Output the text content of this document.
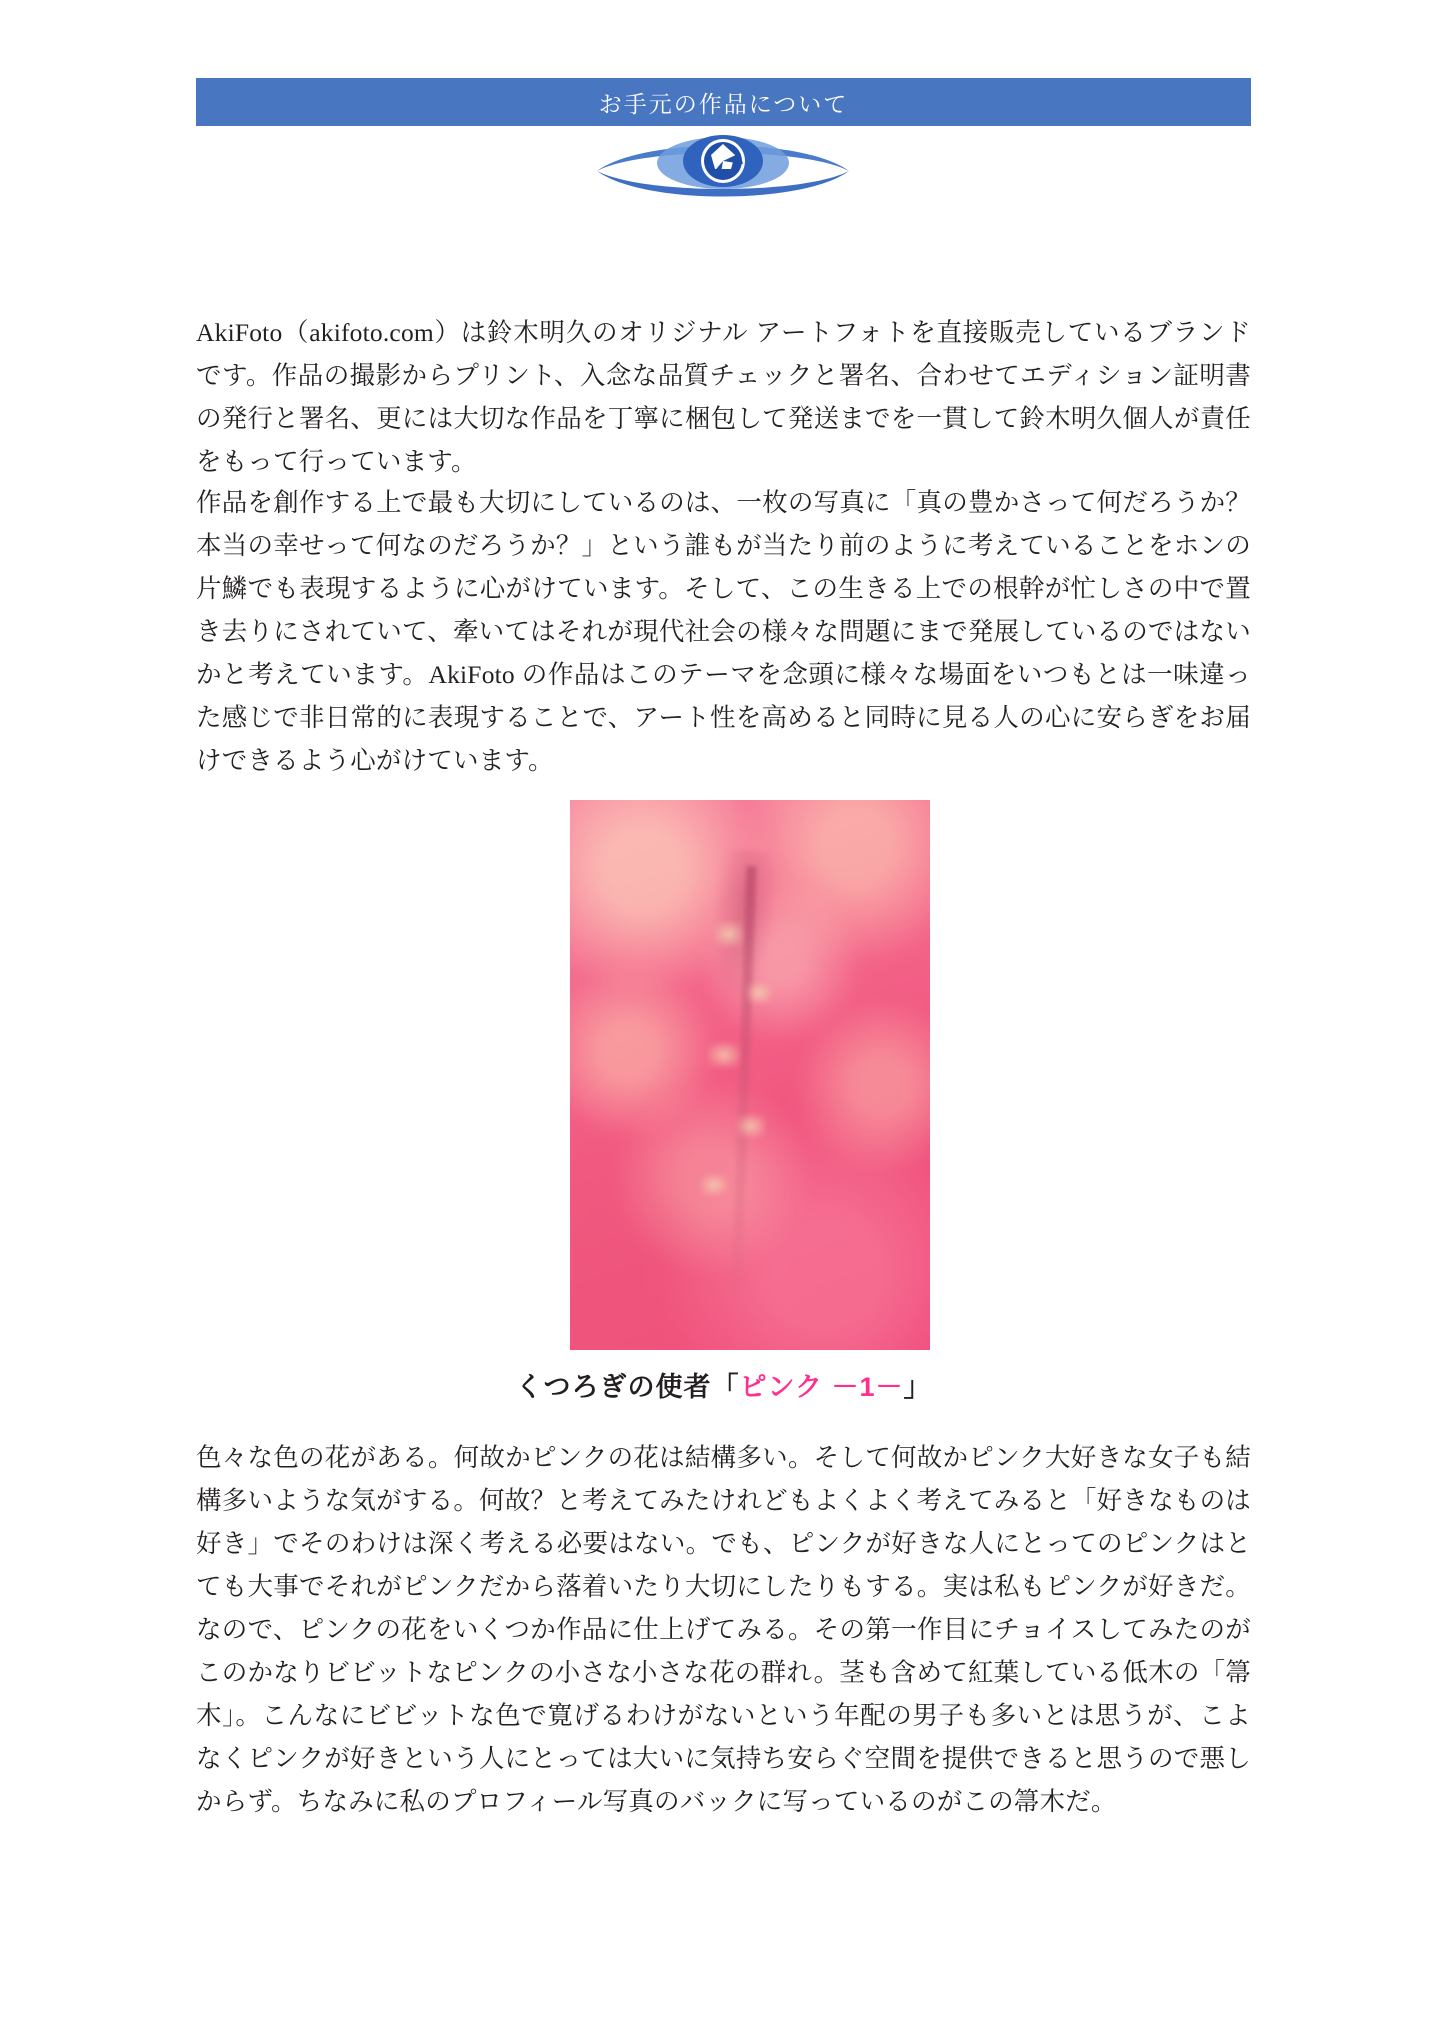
お手元の作品について

AkiFoto（akifoto.com）は鈴木明久のオリジナル アートフォトを直接販売しているブランドです。作品の撮影からプリント、入念な品質チェックと署名、合わせてエディション証明書の発行と署名、更には大切な作品を丁寧に梱包して発送までを一貫して鈴木明久個人が責任をもって行っています。

作品を創作する上で最も大切にしているのは、一枚の写真に「真の豊かさって何だろうか？本当の幸せって何なのだろうか？」という誰もが当たり前のように考えていることをホンの片鱗でも表現するように心がけています。そして、この生きる上での根幹が忙しさの中で置き去りにされていて、牽いてはそれが現代社会の様々な問題にまで発展しているのではないかと考えています。AkiFoto の作品はこのテーマを念頭に様々な場面をいつもとは一味違った感じで非日常的に表現することで、アート性を高めると同時に見る人の心に安らぎをお届けできるよう心がけています。

くつろぎの使者「ピンク －1－」

色々な色の花がある。何故かピンクの花は結構多い。そして何故かピンク大好きな女子も結構多いような気がする。何故？と考えてみたけれどもよくよく考えてみると「好きなものは好き」でそのわけは深く考える必要はない。でも、ピンクが好きな人にとってのピンクはとても大事でそれがピンクだから落着いたり大切にしたりもする。実は私もピンクが好きだ。なので、ピンクの花をいくつか作品に仕上げてみる。その第一作目にチョイスしてみたのがこのかなりビビットなピンクの小さな小さな花の群れ。茎も含めて紅葉している低木の「箒木」。こんなにビビットな色で寛げるわけがないという年配の男子も多いとは思うが、こよなくピンクが好きという人にとっては大いに気持ち安らぐ空間を提供できると思うので悪しからず。ちなみに私のプロフィール写真のバックに写っているのがこの箒木だ。
